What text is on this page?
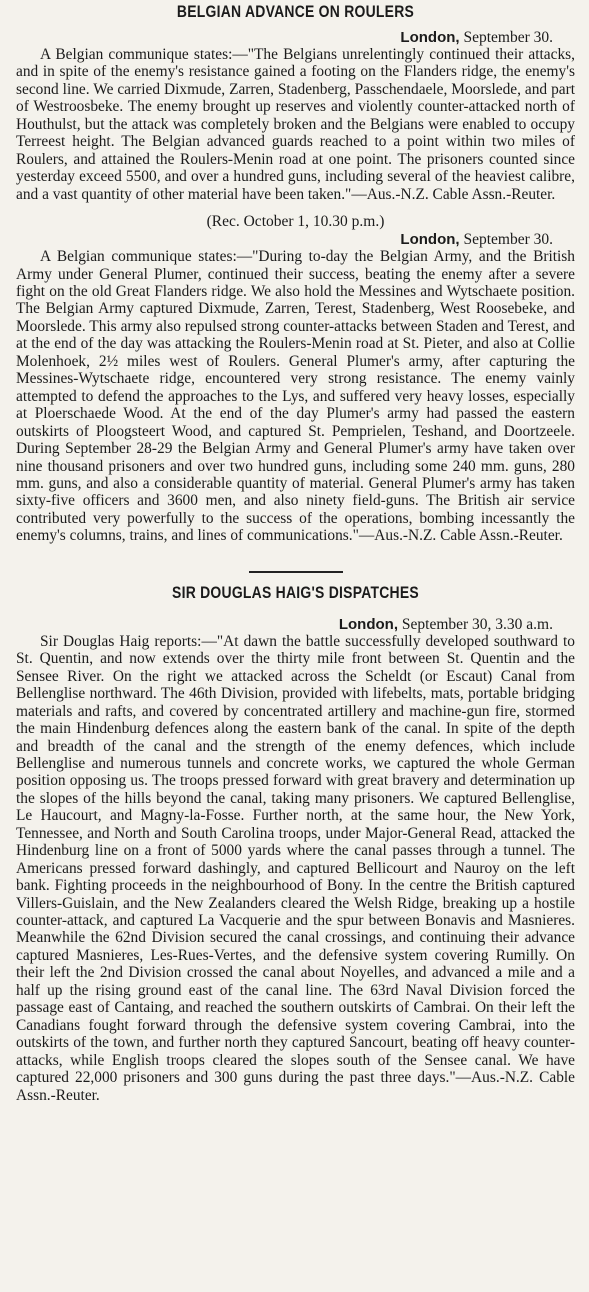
BELGIAN ADVANCE ON ROULERS
London, September 30.

A Belgian communique states:—"The Belgians unrelentingly continued their attacks, and in spite of the enemy's resistance gained a footing on the Flanders ridge, the enemy's second line. We carried Dixmude, Zarren, Stadenberg, Passchendaele, Moorslede, and part of Westroosbeke. The enemy brought up reserves and violently counter-attacked north of Houthulst, but the attack was completely broken and the Belgians were enabled to occupy Terreest height. The Belgian advanced guards reached to a point within two miles of Roulers, and attained the Roulers-Menin road at one point. The prisoners counted since yesterday exceed 5500, and over a hundred guns, including several of the heaviest calibre, and a vast quantity of other material have been taken."—Aus.-N.Z. Cable Assn.-Reuter.

(Rec. October 1, 10.30 p.m.)
London, September 30.

A Belgian communique states:—"During to-day the Belgian Army, and the British Army under General Plumer, continued their success, beating the enemy after a severe fight on the old Great Flanders ridge. We also hold the Messines and Wytschaete position. The Belgian Army captured Dixmude, Zarren, Terest, Stadenberg, West Roosebeke, and Moorslede. This army also repulsed strong counter-attacks between Staden and Terest, and at the end of the day was attacking the Roulers-Menin road at St. Pieter, and also at Collie Molenhoek, 2½ miles west of Roulers. General Plumer's army, after capturing the Messines-Wytschaete ridge, encountered very strong resistance. The enemy vainly attempted to defend the approaches to the Lys, and suffered very heavy losses, especially at Ploerschaede Wood. At the end of the day Plumer's army had passed the eastern outskirts of Ploogsteert Wood, and captured St. Pemprielen, Teshand, and Doortzeele. During September 28-29 the Belgian Army and General Plumer's army have taken over nine thousand prisoners and over two hundred guns, including some 240 mm. guns, 280 mm. guns, and also a considerable quantity of material. General Plumer's army has taken sixty-five officers and 3600 men, and also ninety field-guns. The British air service contributed very powerfully to the success of the operations, bombing incessantly the enemy's columns, trains, and lines of communications."—Aus.-N.Z. Cable Assn.-Reuter.

SIR DOUGLAS HAIG'S DISPATCHES
London, September 30, 3.30 a.m.

Sir Douglas Haig reports:—"At dawn the battle successfully developed southward to St. Quentin, and now extends over the thirty mile front between St. Quentin and the Sensee River. On the right we attacked across the Scheldt (or Escaut) Canal from Bellenglise northward. The 46th Division, provided with lifebelts, mats, portable bridging materials and rafts, and covered by concentrated artillery and machine-gun fire, stormed the main Hindenburg defences along the eastern bank of the canal. In spite of the depth and breadth of the canal and the strength of the enemy defences, which include Bellenglise and numerous tunnels and concrete works, we captured the whole German position opposing us. The troops pressed forward with great bravery and determination up the slopes of the hills beyond the canal, taking many prisoners. We captured Bellenglise, Le Haucourt, and Magny-la-Fosse. Further north, at the same hour, the New York, Tennessee, and North and South Carolina troops, under Major-General Read, attacked the Hindenburg line on a front of 5000 yards where the canal passes through a tunnel. The Americans pressed forward dashingly, and captured Bellicourt and Nauroy on the left bank. Fighting proceeds in the neighbourhood of Bony. In the centre the British captured Villers-Guislain, and the New Zealanders cleared the Welsh Ridge, breaking up a hostile counter-attack, and captured La Vacquerie and the spur between Bonavis and Masnieres. Meanwhile the 62nd Division secured the canal crossings, and continuing their advance captured Masnieres, Les-Rues-Vertes, and the defensive system covering Rumilly. On their left the 2nd Division crossed the canal about Noyelles, and advanced a mile and a half up the rising ground east of the canal line. The 63rd Naval Division forced the passage east of Cantaing, and reached the southern outskirts of Cambrai. On their left the Canadians fought forward through the defensive system covering Cambrai, into the outskirts of the town, and further north they captured Sancourt, beating off heavy counter-attacks, while English troops cleared the slopes south of the Sensee canal. We have captured 22,000 prisoners and 300 guns during the past three days."—Aus.-N.Z. Cable Assn.-Reuter.
